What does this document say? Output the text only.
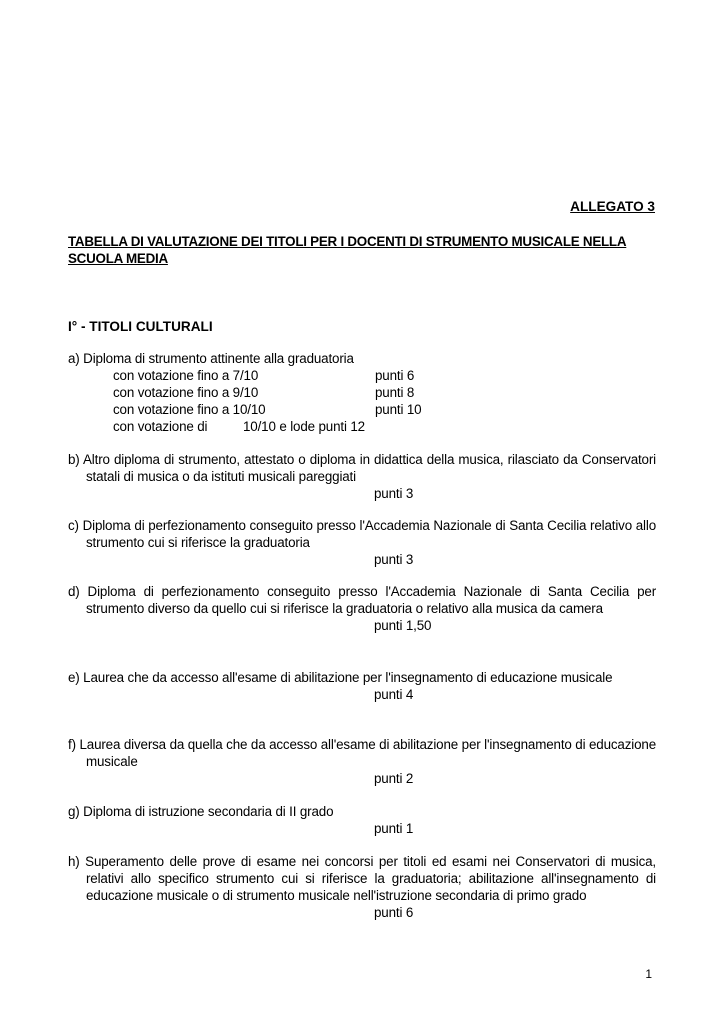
ALLEGATO 3
TABELLA DI VALUTAZIONE DEI TITOLI PER I DOCENTI DI STRUMENTO MUSICALE NELLA SCUOLA MEDIA
I° - TITOLI CULTURALI
a) Diploma di strumento attinente alla graduatoria
con votazione fino a 7/10	punti 6
con votazione fino a 9/10	punti 8
con votazione fino a 10/10	punti 10
con votazione di	10/10 e lode punti 12
b) Altro diploma di strumento, attestato o diploma in didattica della musica, rilasciato da Conservatori statali di musica o da istituti musicali pareggiati
punti 3
c) Diploma di perfezionamento conseguito presso l'Accademia Nazionale di Santa Cecilia relativo allo strumento cui si riferisce la graduatoria
punti 3
d) Diploma di perfezionamento conseguito presso l'Accademia Nazionale di Santa Cecilia per strumento diverso da quello cui si riferisce la graduatoria o relativo alla musica da camera
punti 1,50
e) Laurea che da accesso all'esame di abilitazione per l'insegnamento di educazione musicale
punti 4
f) Laurea diversa da quella che da accesso all'esame di abilitazione per l'insegnamento di educazione musicale
punti 2
g) Diploma di istruzione secondaria di II grado
punti 1
h) Superamento delle prove di esame nei concorsi per titoli ed esami nei Conservatori di musica, relativi allo specifico strumento cui si riferisce la graduatoria; abilitazione all'insegnamento di educazione musicale o di strumento musicale nell'istruzione secondaria di primo grado
punti 6
1
